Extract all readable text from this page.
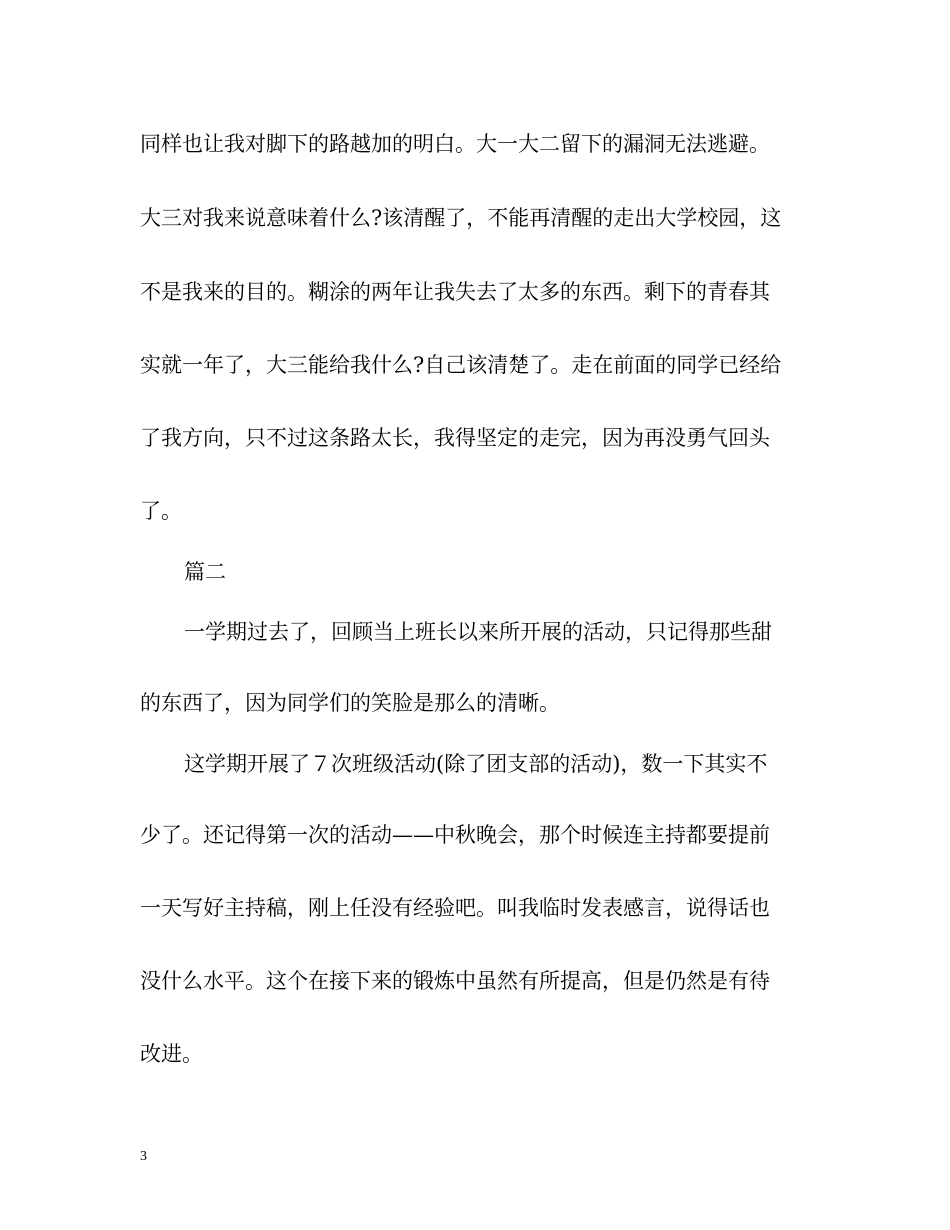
同样也让我对脚下的路越加的明白。大一大二留下的漏洞无法逃避。
大三对我来说意味着什么?该清醒了，不能再清醒的走出大学校园，这
不是我来的目的。糊涂的两年让我失去了太多的东西。剩下的青春其
实就一年了，大三能给我什么?自己该清楚了。走在前面的同学已经给
了我方向，只不过这条路太长，我得坚定的走完，因为再没勇气回头
了。
篇二
一学期过去了，回顾当上班长以来所开展的活动，只记得那些甜
的东西了，因为同学们的笑脸是那么的清晰。
这学期开展了７次班级活动(除了团支部的活动)，数一下其实不
少了。还记得第一次的活动——中秋晚会，那个时候连主持都要提前
一天写好主持稿，刚上任没有经验吧。叫我临时发表感言，说得话也
没什么水平。这个在接下来的锻炼中虽然有所提高，但是仍然是有待
改进。
3
